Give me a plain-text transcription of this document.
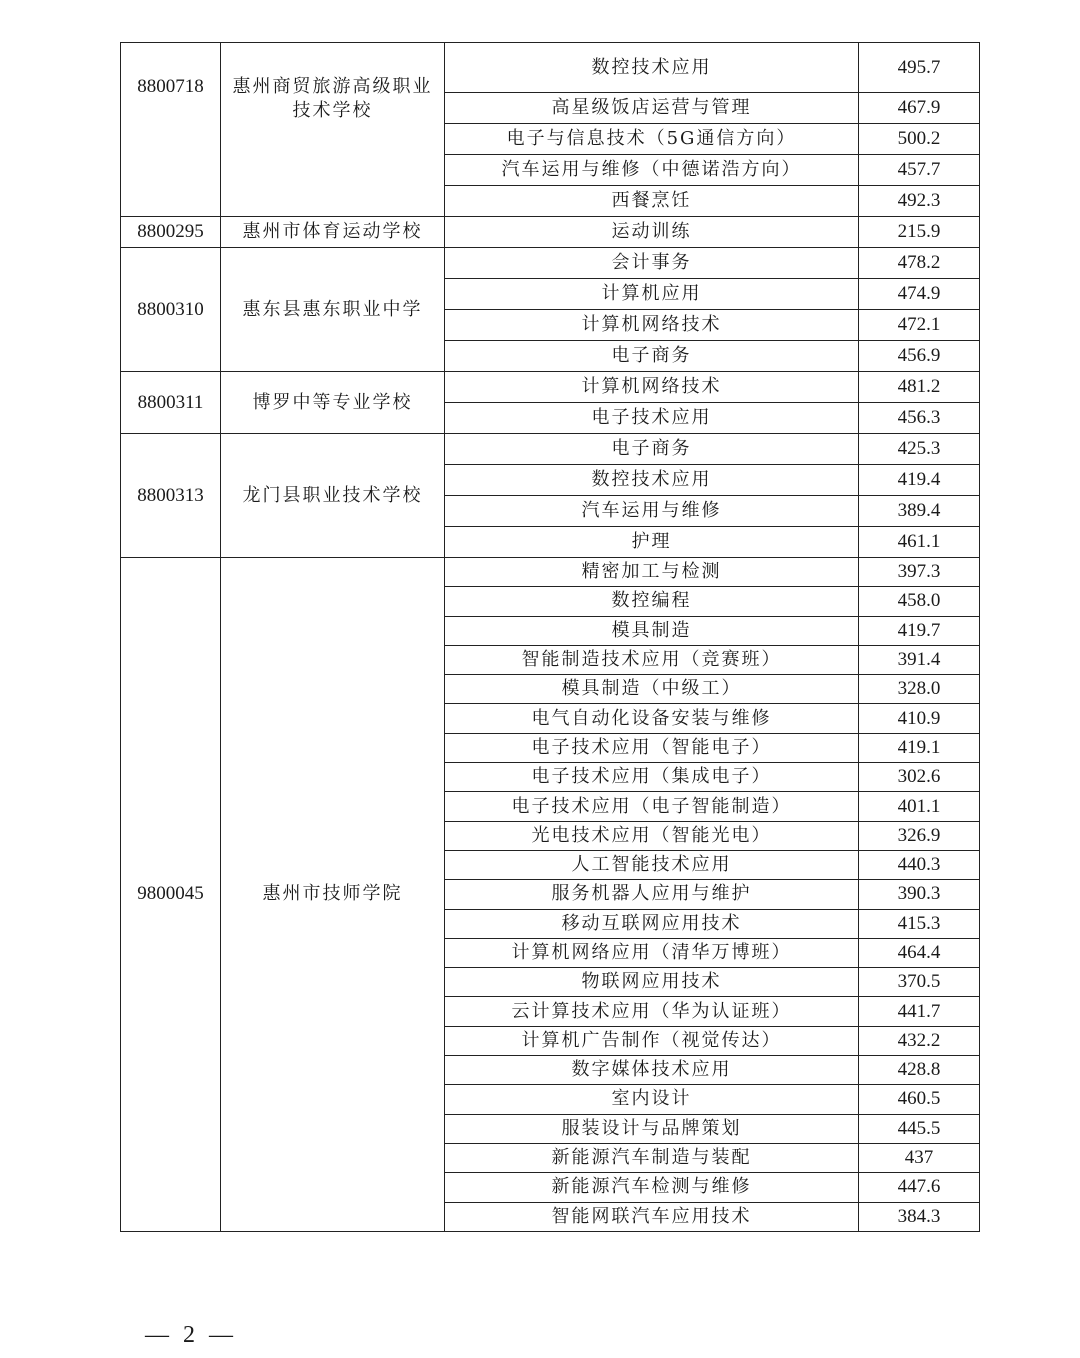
8800718	惠州商贸旅游高级职业技术学校	数控技术应用	495.7
		高星级饭店运营与管理	467.9
		电子与信息技术（5G通信方向）	500.2
		汽车运用与维修（中德诺浩方向）	457.7
		西餐烹饪	492.3
8800295	惠州市体育运动学校	运动训练	215.9
8800310	惠东县惠东职业中学	会计事务	478.2
		计算机应用	474.9
		计算机网络技术	472.1
		电子商务	456.9
8800311	博罗中等专业学校	计算机网络技术	481.2
		电子技术应用	456.3
8800313	龙门县职业技术学校	电子商务	425.3
		数控技术应用	419.4
		汽车运用与维修	389.4
		护理	461.1
9800045	惠州市技师学院	精密加工与检测	397.3
		数控编程	458.0
		模具制造	419.7
		智能制造技术应用（竞赛班）	391.4
		模具制造（中级工）	328.0
		电气自动化设备安装与维修	410.9
		电子技术应用（智能电子）	419.1
		电子技术应用（集成电子）	302.6
		电子技术应用（电子智能制造）	401.1
		光电技术应用（智能光电）	326.9
		人工智能技术应用	440.3
		服务机器人应用与维护	390.3
		移动互联网应用技术	415.3
		计算机网络应用（清华万博班）	464.4
		物联网应用技术	370.5
		云计算技术应用（华为认证班）	441.7
		计算机广告制作（视觉传达）	432.2
		数字媒体技术应用	428.8
		室内设计	460.5
		服装设计与品牌策划	445.5
		新能源汽车制造与装配	437
		新能源汽车检测与维修	447.6
		智能网联汽车应用技术	384.3
— 2 —
